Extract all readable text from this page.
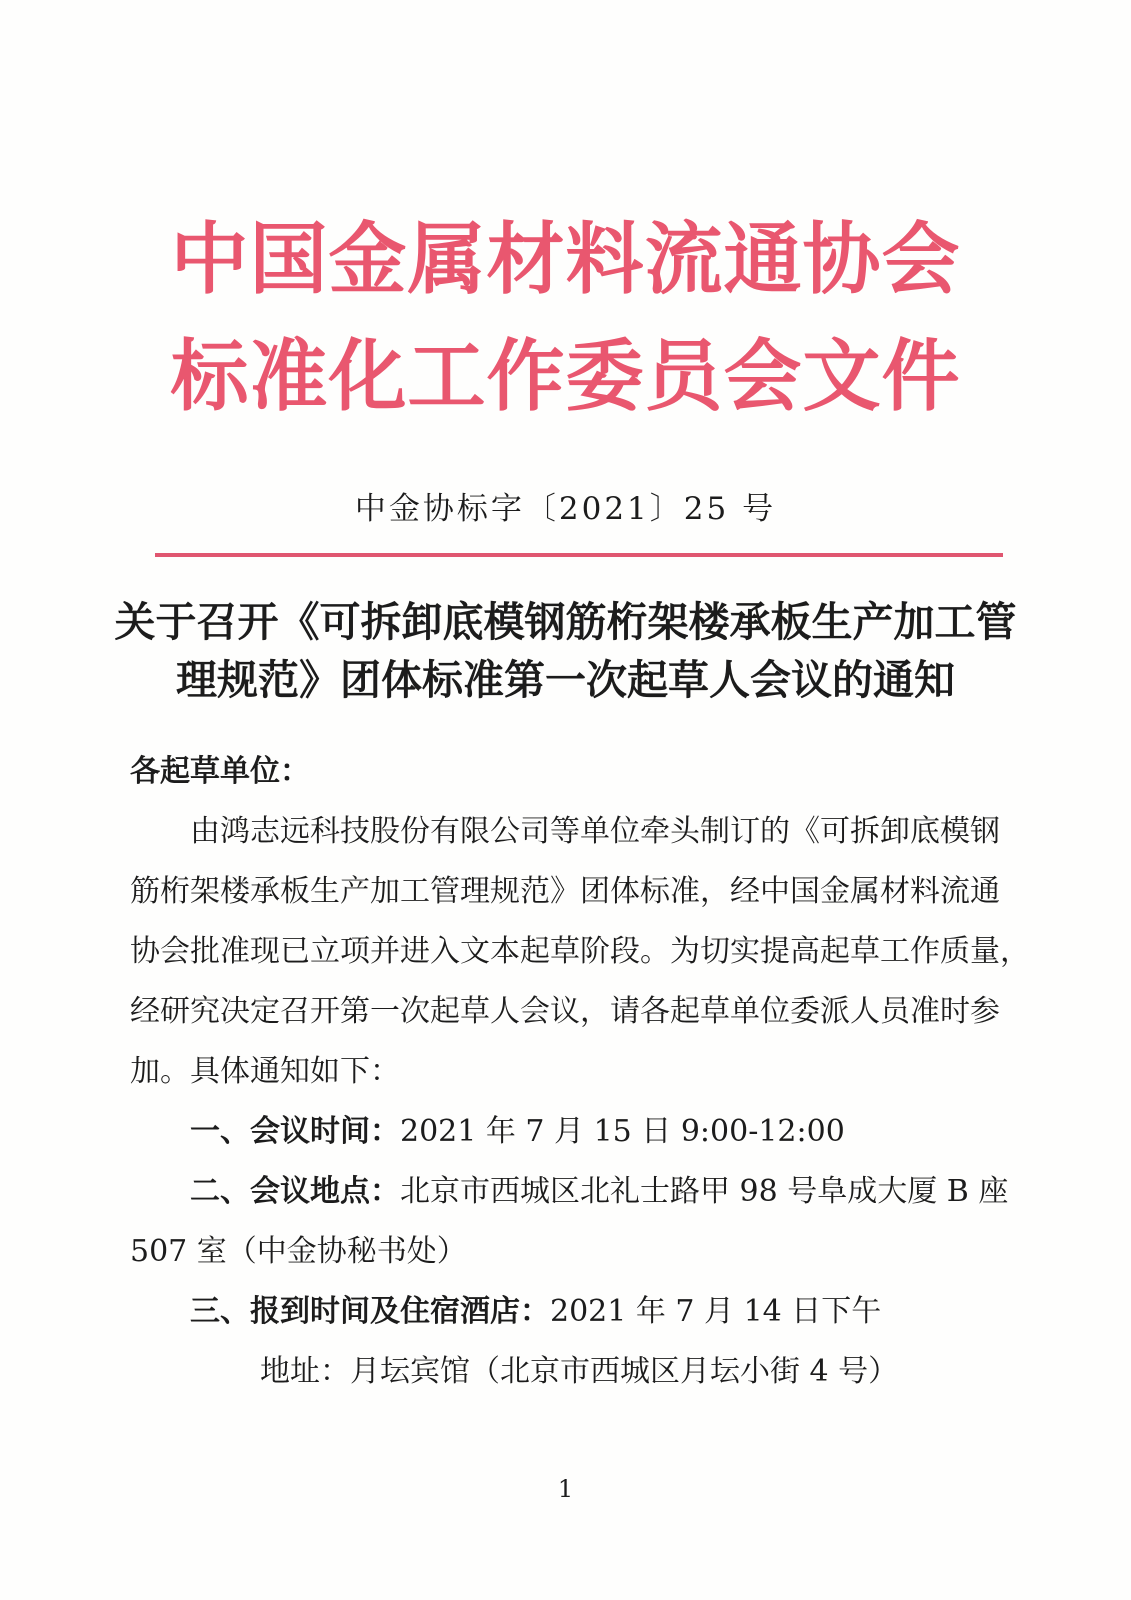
中国金属材料流通协会
标准化工作委员会文件
中金协标字〔2021〕25 号
关于召开《可拆卸底模钢筋桁架楼承板生产加工管
理规范》团体标准第一次起草人会议的通知
各起草单位：
由鸿志远科技股份有限公司等单位牵头制订的《可拆卸底模钢
筋桁架楼承板生产加工管理规范》团体标准，经中国金属材料流通
协会批准现已立项并进入文本起草阶段。为切实提高起草工作质量，
经研究决定召开第一次起草人会议，请各起草单位委派人员准时参
加。具体通知如下：
一、会议时间：2021 年 7 月 15 日 9:00-12:00
二、会议地点：北京市西城区北礼士路甲 98 号阜成大厦 B 座
507 室（中金协秘书处）
三、报到时间及住宿酒店：2021 年 7 月 14 日下午
地址：月坛宾馆（北京市西城区月坛小街 4 号）
1
